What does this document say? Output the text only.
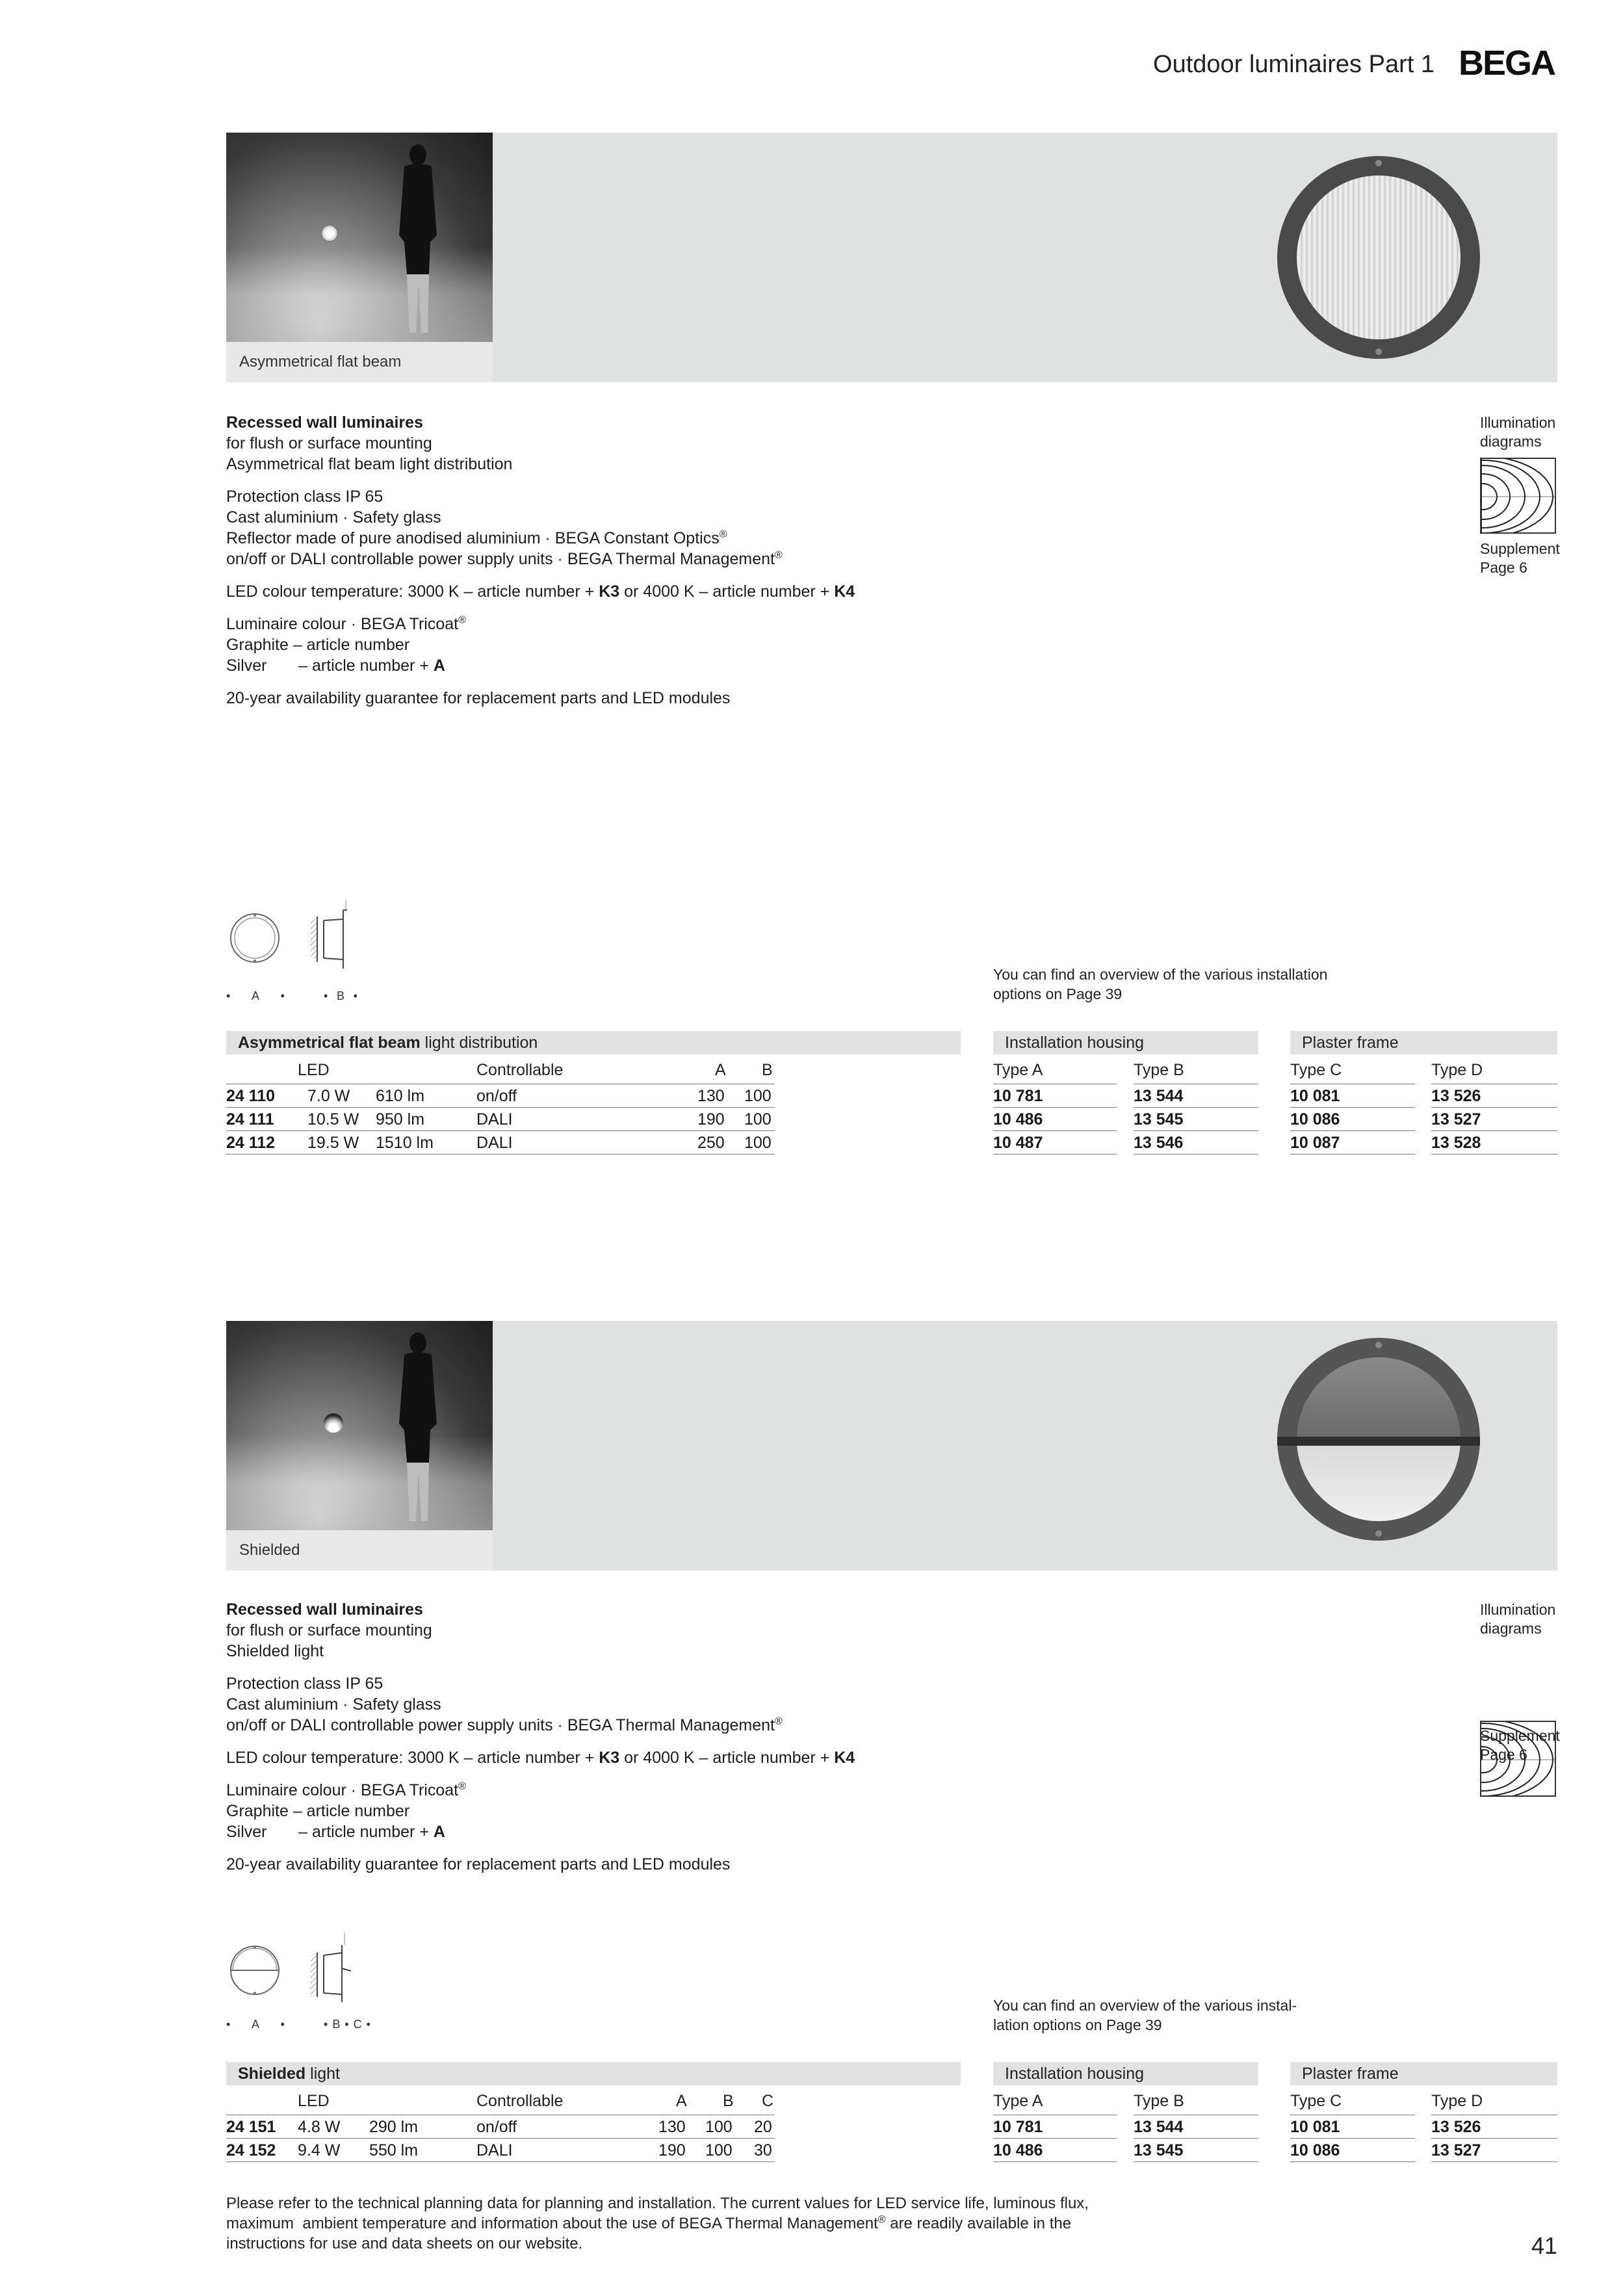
Outdoor luminaires Part 1 BEGA
Asymmetrical flat beam
Recessed wall luminaires
for flush or surface mounting
Asymmetrical flat beam light distribution
Protection class IP 65
Cast aluminium · Safety glass
Reflector made of pure anodised aluminium · BEGA Constant Optics®
on/off or DALI controllable power supply units · BEGA Thermal Management®
LED colour temperature: 3000 K – article number + K3 or 4000 K – article number + K4
Luminaire colour · BEGA Tricoat®
Graphite – article number
Silver       – article number + A
20-year availability guarantee for replacement parts and LED modules
Illumination
diagrams
Supplement
Page 6
• A •	• B •
You can find an overview of the various installation
options on Page 39
Asymmetrical flat beam light distribution
LED	Controllable	A B
24 110 7.0 W 610 lm	on/off	130 100
24 111 10.5 W 950 lm	DALI	190 100
24 112 19.5 W 1510 lm	DALI	250 100
Installation housing	Plaster frame
Type A	Type B	Type C	Type D
10 781	13 544	10 081	13 526
10 486	13 545	10 086	13 527
10 487	13 546	10 087	13 528
Shielded
Recessed wall luminaires
for flush or surface mounting
Shielded light
Protection class IP 65
Cast aluminium · Safety glass
on/off or DALI controllable power supply units · BEGA Thermal Management®
LED colour temperature: 3000 K – article number + K3 or 4000 K – article number + K4
Luminaire colour · BEGA Tricoat®
Graphite – article number
Silver       – article number + A
20-year availability guarantee for replacement parts and LED modules
Illumination
diagrams
Supplement
Page 6
• A •	• B • C •
You can find an overview of the various instal-
lation options on Page 39
Shielded light
LED	Controllable	A B C
24 151 4.8 W 290 lm	on/off	130 100 20
24 152 9.4 W 550 lm	DALI	190 100 30
Installation housing	Plaster frame
Type A	Type B	Type C	Type D
10 781	13 544	10 081	13 526
10 486	13 545	10 086	13 527
Please refer to the technical planning data for planning and installation. The current values for LED service life, luminous flux,
maximum  ambient temperature and information about the use of BEGA Thermal Management® are readily available in the
instructions for use and data sheets on our website.	41
